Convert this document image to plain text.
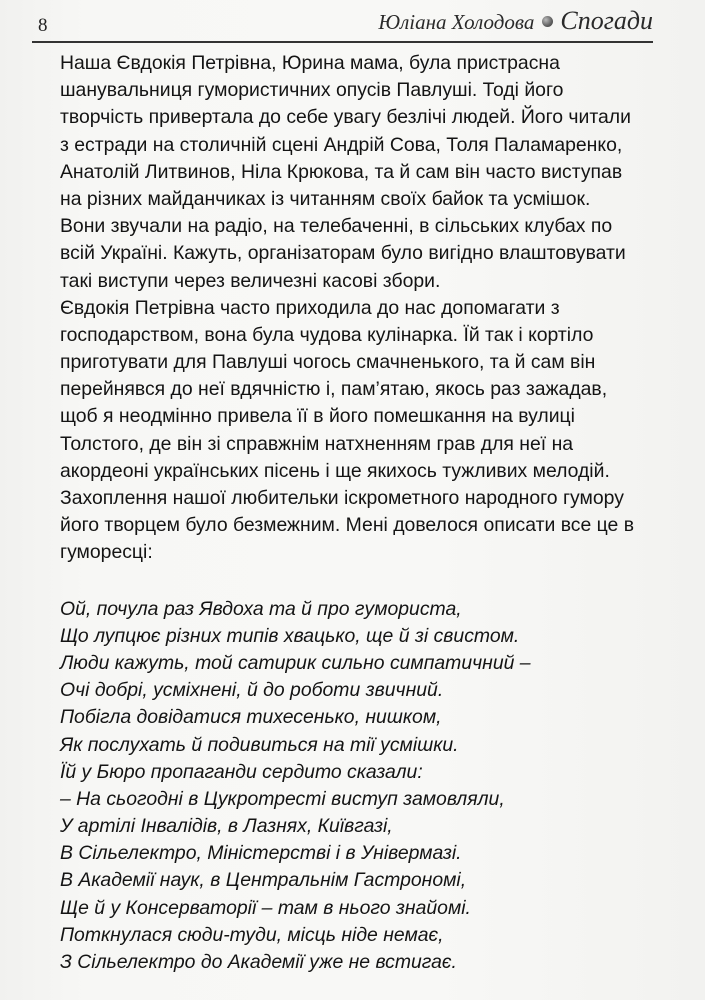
8	Юліана Холодова Спогади
Наша Євдокія Петрівна, Юрина мама, була пристрасна
шанувальниця гумористичних опусів Павлуші. Тоді його
творчість привертала до себе увагу безлічі людей. Його читали
з естради на столичній сцені Андрій Сова, Толя Паламаренко,
Анатолій Литвинов, Ніла Крюкова, та й сам він часто виступав
на різних майданчиках із читанням своїх байок та усмішок.
Вони звучали на радіо, на телебаченні, в сільських клубах по
всій Україні. Кажуть, організаторам було вигідно влаштовувати
такі виступи через величезні касові збори.
Євдокія Петрівна часто приходила до нас допомагати з
господарством, вона була чудова кулінарка. Їй так і кортіло
приготувати для Павлуші чогось смачненького, та й сам він
перейнявся до неї вдячністю і, пам’ятаю, якось раз зажадав,
щоб я неодмінно привела її в його помешкання на вулиці
Толстого, де він зі справжнім натхненням грав для неї на
акордеоні українських пісень і ще якихось тужливих мелодій.
Захоплення нашої любительки іскрометного народного гумору
його творцем було безмежним. Мені довелося описати все це в
гуморесці:
Ой, почула раз Явдоха та й про гумориста,
Що лупцює різних типів хвацько, ще й зі свистом.
Люди кажуть, той сатирик сильно симпатичний –
Очі добрі, усміхнені, й до роботи звичний.
Побігла довідатися тихесенько, нишком,
Як послухать й подивиться на тії усмішки.
Їй у Бюро пропаганди сердито сказали:
– На сьогодні в Цукротресті виступ замовляли,
У артілі Інвалідів, в Лазнях, Київгазі,
В Сільелектро, Міністерстві і в Універмазі.
В Академії наук, в Центральнім Гастрономі,
Ще й у Консерваторії – там в нього знайомі.
Поткнулася сюди-туди, місць ніде немає,
З Сільелектро до Академії уже не встигає.
